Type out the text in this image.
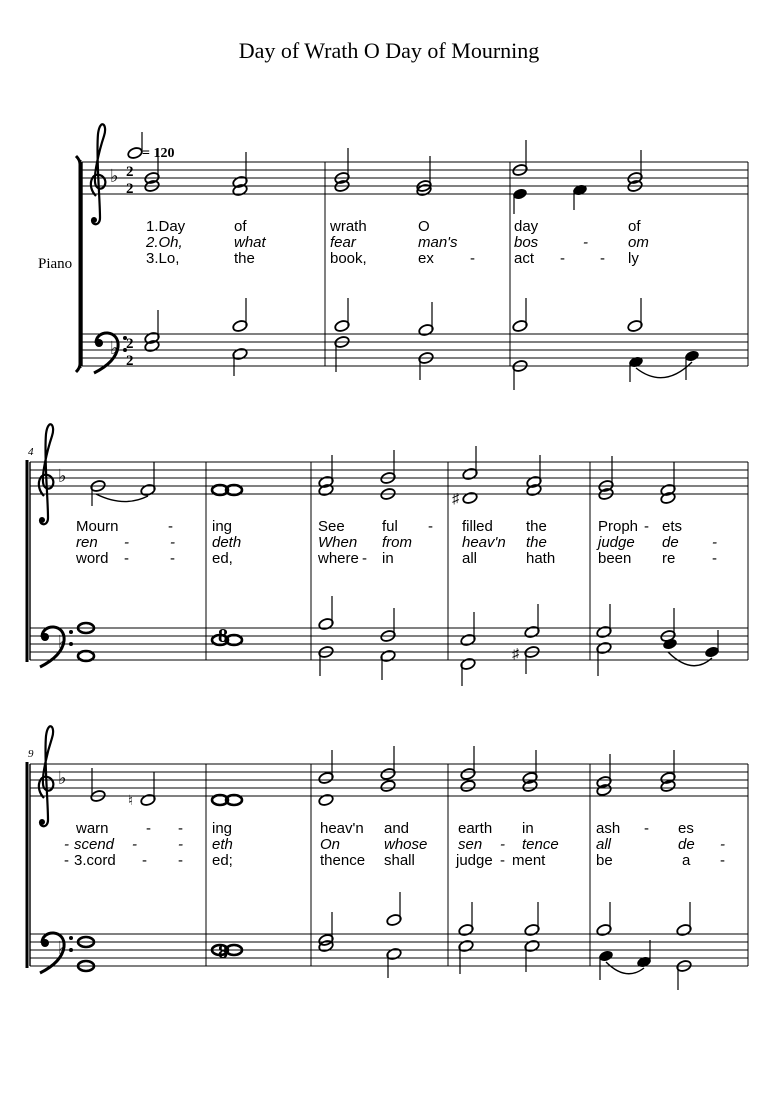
Day of Wrath O Day of Mourning
Piano
♭
♭
2
2
2
2
= 120
1.Day	of	wrath	O	day	of
2.Oh,	what	fear	man's	bos	-	om
3.Lo,	the	book,	ex -	act - - ly
4
♭
♭
♯
8
♯
Mourn	-	ing	See ful - filled the	Proph - ets
ren -	- deth	When from	heav'n the	judge de -
word -	- ed,	where - in	all	hath	been re -
9
♭
♭
♮
8
warn - - ing	heav'n and	earth in	ash - es
- scend -	- eth	On	whose sen - tence all	de -
- 3.cord - - ed;	thence shall	judge - ment	be	a -
